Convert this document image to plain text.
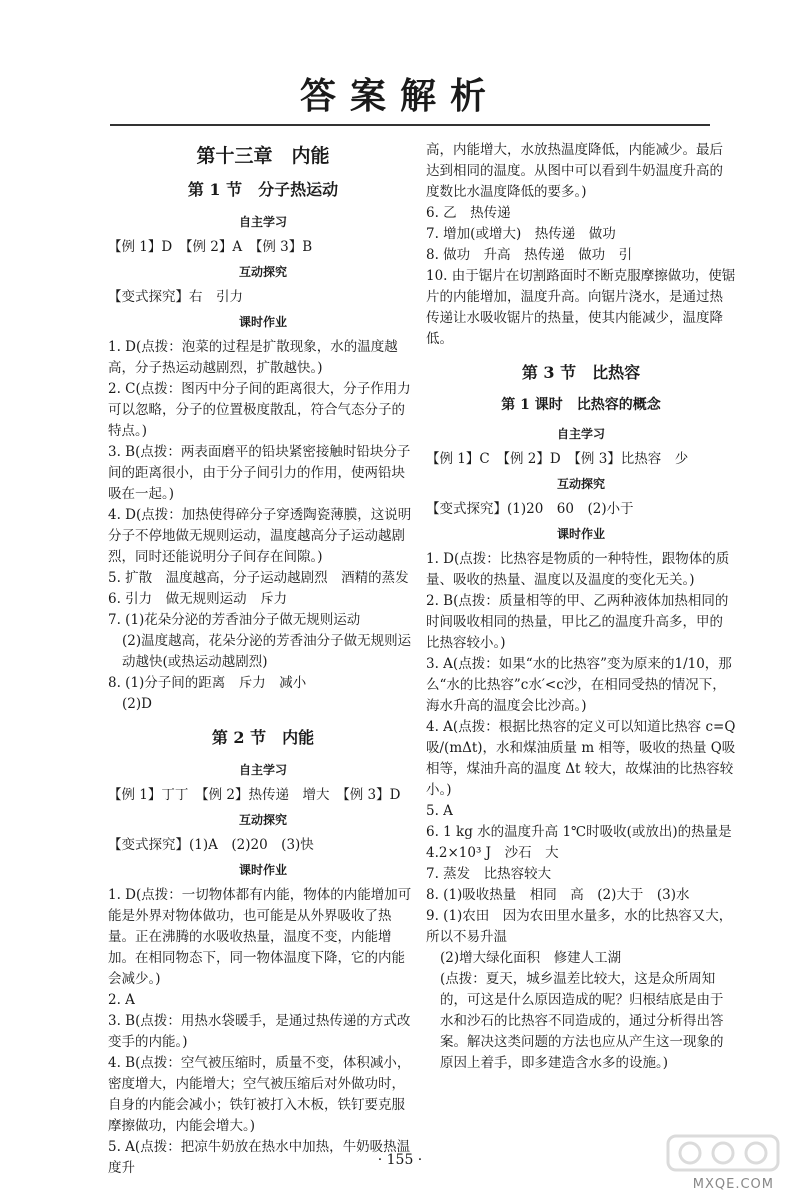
答案解析
第十三章　内能
第 1 节　分子热运动
自主学习
【例 1】D　【例 2】A　【例 3】B
互动探究
【变式探究】右　引力
课时作业
1. D(点拨：泡菜的过程是扩散现象，水的温度越高，分子热运动越剧烈，扩散越快。)
2. C(点拨：图丙中分子间的距离很大，分子作用力可以忽略，分子的位置极度散乱，符合气态分子的特点。)
3. B(点拨：两表面磨平的铅块紧密接触时铅块分子间的距离很小，由于分子间引力的作用，使两铅块吸在一起。)
4. D(点拨：加热使得碎分子穿透陶瓷薄膜，这说明分子不停地做无规则运动，温度越高分子运动越剧烈，同时还能说明分子间存在间隙。)
5. 扩散　温度越高，分子运动越剧烈　酒精的蒸发
6. 引力　做无规则运动　斥力
7. (1)花朵分泌的芳香油分子做无规则运动
(2)温度越高，花朵分泌的芳香油分子做无规则运动越快(或热运动越剧烈)
8. (1)分子间的距离　斥力　减小
(2)D
第 2 节　内能
自主学习
【例 1】丁丁　【例 2】热传递　增大　【例 3】D
互动探究
【变式探究】(1)A　(2)20　(3)快
课时作业
1. D(点拨：一切物体都有内能，物体的内能增加可能是外界对物体做功，也可能是从外界吸收了热量。正在沸腾的水吸收热量，温度不变，内能增加。在相同物态下，同一物体温度下降，它的内能会减少。)
2. A
3. B(点拨：用热水袋暖手，是通过热传递的方式改变手的内能。)
4. B(点拨：空气被压缩时，质量不变，体积减小，密度增大，内能增大；空气被压缩后对外做功时，自身的内能会减小；铁钉被打入木板，铁钉要克服摩擦做功，内能会增大。)
5. A(点拨：把凉牛奶放在热水中加热，牛奶吸热温度升
高，内能增大，水放热温度降低，内能减少。最后达到相同的温度。从图中可以看到牛奶温度升高的度数比水温度降低的要多。)
6. 乙　热传递
7. 增加(或增大)　热传递　做功
8. 做功　升高　热传递　做功　引
10. 由于锯片在切割路面时不断克服摩擦做功，使锯片的内能增加，温度升高。向锯片浇水，是通过热传递让水吸收锯片的热量，使其内能减少，温度降低。
第 3 节　比热容
第 1 课时　比热容的概念
自主学习
【例 1】C　【例 2】D　【例 3】比热容　少
互动探究
【变式探究】(1)20　60　(2)小于
课时作业
1. D(点拨：比热容是物质的一种特性，跟物体的质量、吸收的热量、温度以及温度的变化无关。)
2. B(点拨：质量相等的甲、乙两种液体加热相同的时间吸收相同的热量，甲比乙的温度升高多，甲的比热容较小。)
3. A(点拨：如果“水的比热容”变为原来的1/10，那么“水的比热容”c水′<c沙，在相同受热的情况下，海水升高的温度会比沙高。)
4. A(点拨：根据比热容的定义可以知道比热容 c=Q吸/(mΔt)，水和煤油质量 m 相等，吸收的热量 Q吸 相等，煤油升高的温度 Δt 较大，故煤油的比热容较小。)
5. A
6. 1 kg 水的温度升高 1℃时吸收(或放出)的热量是 4.2×10³ J　沙石　大
7. 蒸发　比热容较大
8. (1)吸收热量　相同　高　(2)大于　(3)水
9. (1)农田　因为农田里水量多，水的比热容又大，所以不易升温
(2)增大绿化面积　修建人工湖
(点拨：夏天，城乡温差比较大，这是众所周知的，可这是什么原因造成的呢？归根结底是由于水和沙石的比热容不同造成的，通过分析得出答案。解决这类问题的方法也应从产生这一现象的原因上着手，即多建造含水多的设施。)
· 155 ·
MXQE.COM
